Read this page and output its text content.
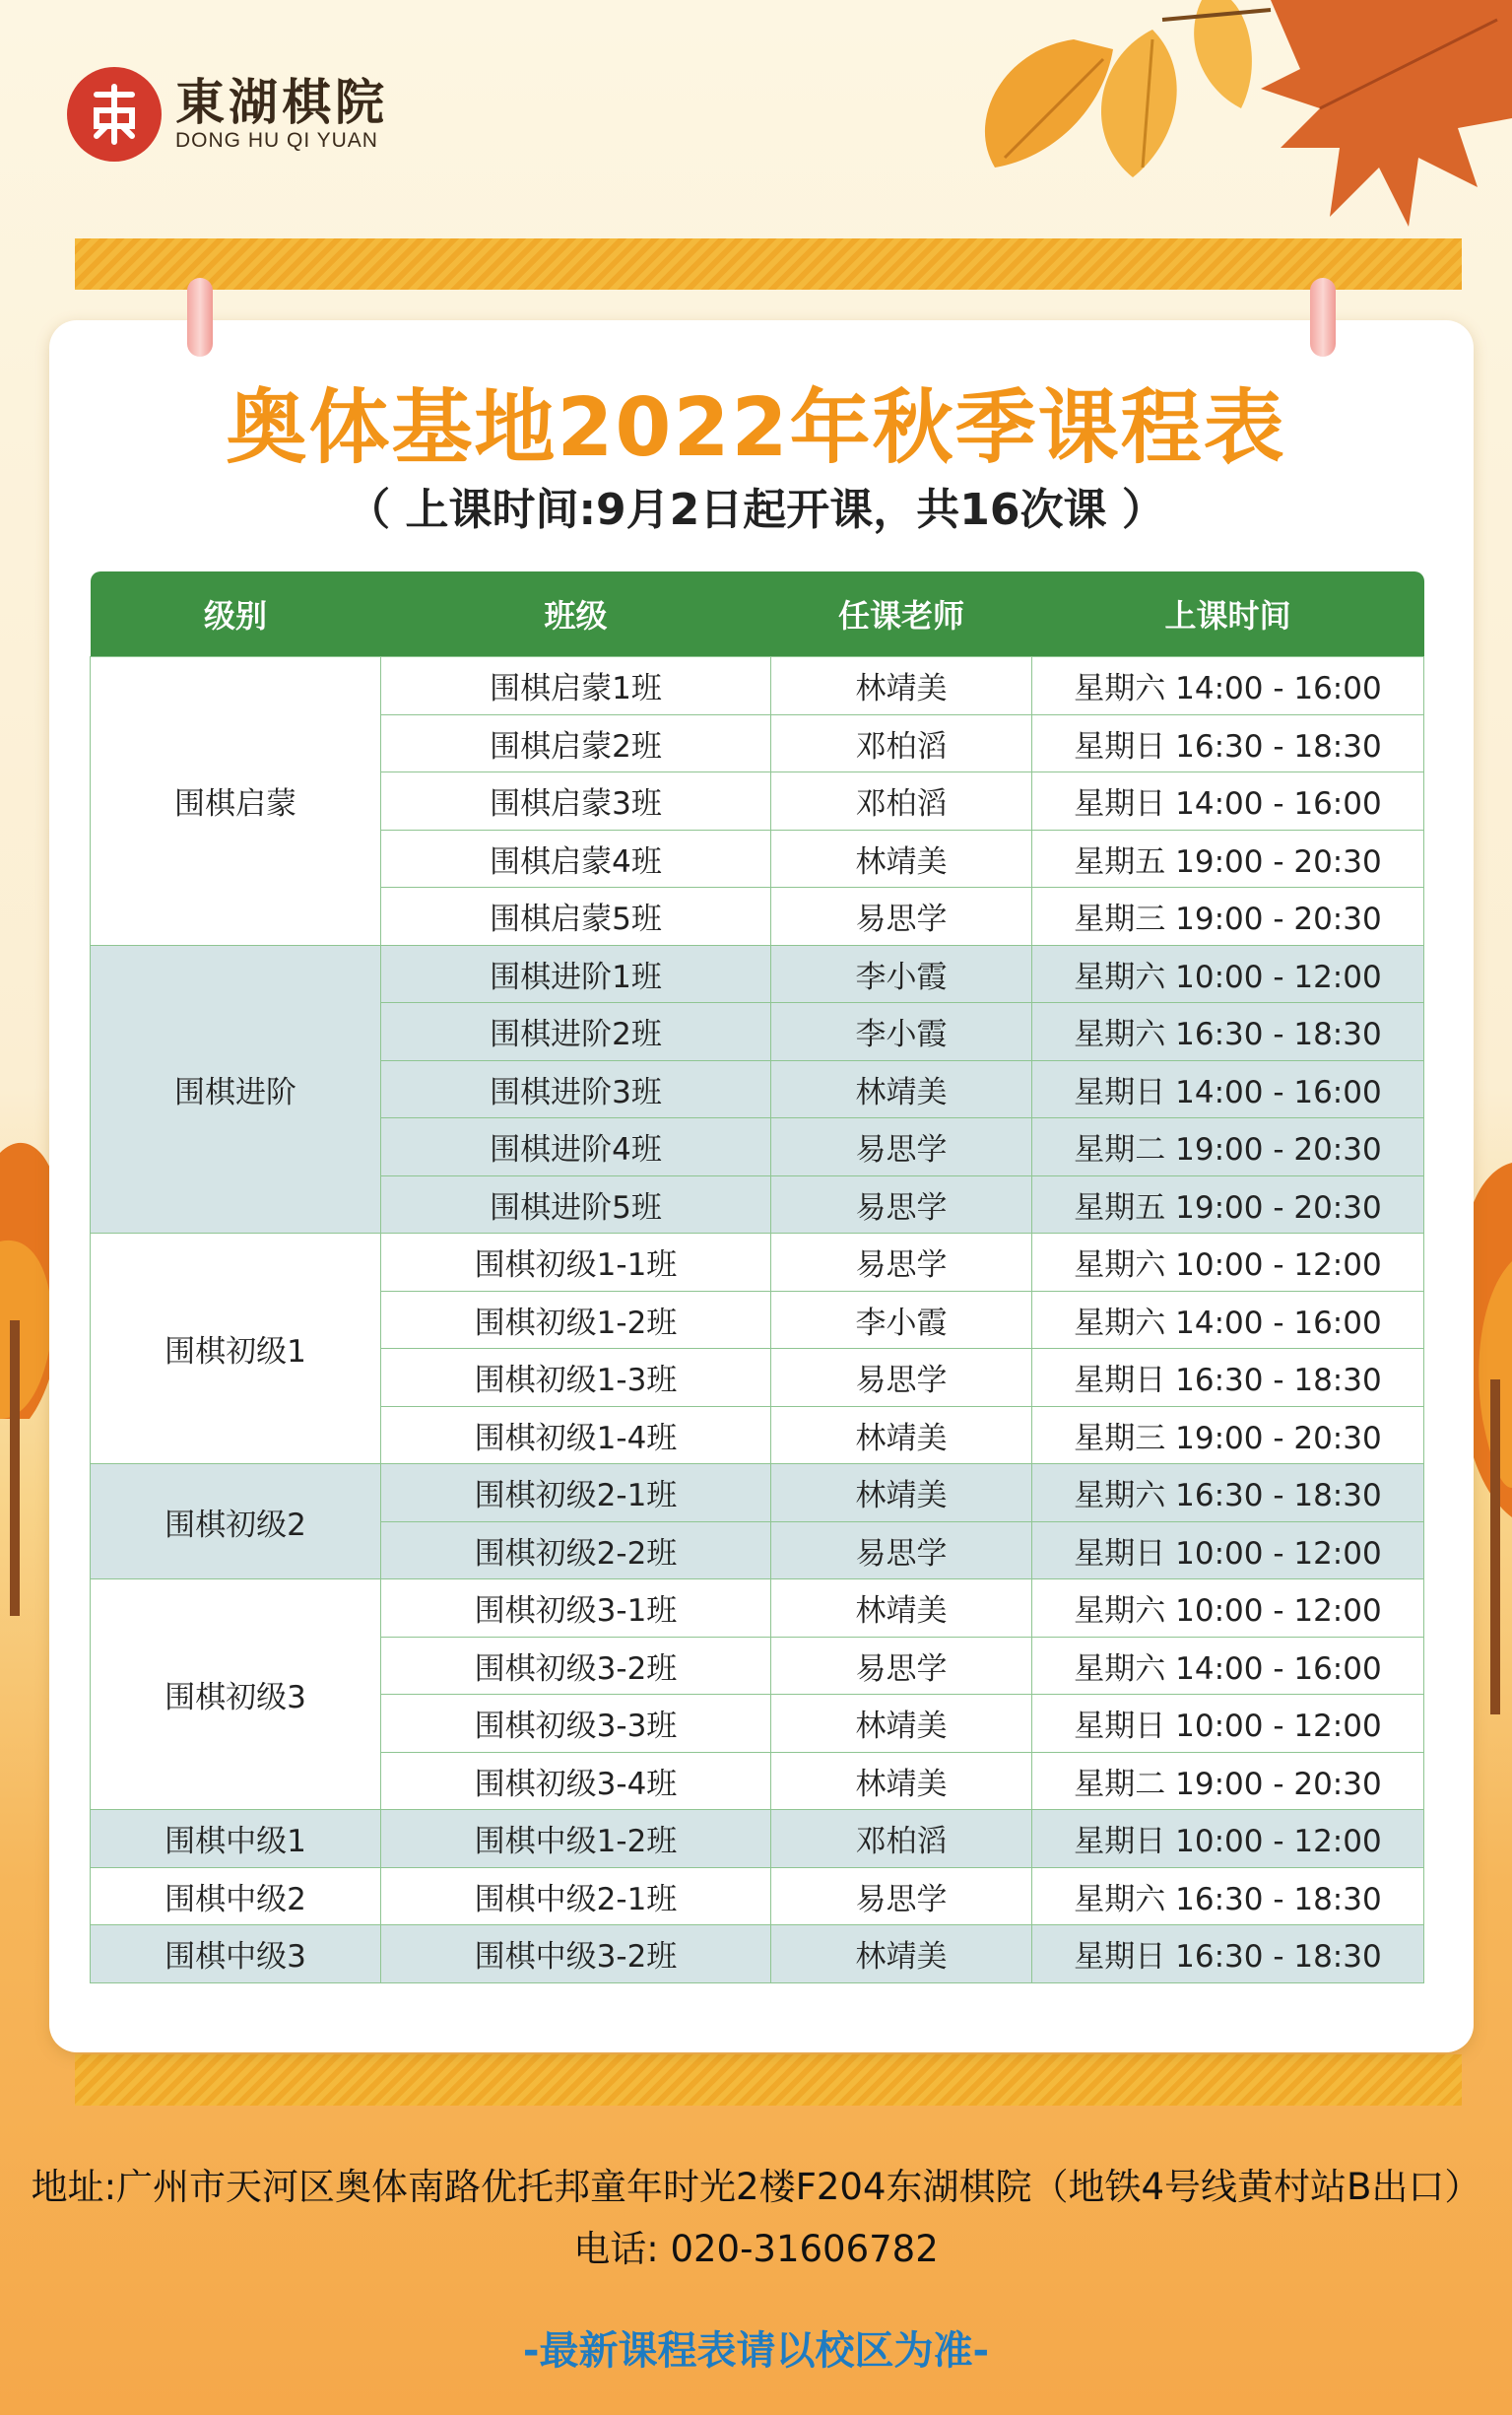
東湖棋院
DONG HU QI YUAN
奥体基地2022年秋季课程表
（ 上课时间:9月2日起开课，共16次课 ）
级别	班级	任课老师	上课时间
围棋启蒙	围棋启蒙1班	林靖美	星期六 14:00 - 16:00
	围棋启蒙2班	邓柏滔	星期日 16:30 - 18:30
	围棋启蒙3班	邓柏滔	星期日 14:00 - 16:00
	围棋启蒙4班	林靖美	星期五 19:00 - 20:30
	围棋启蒙5班	易思学	星期三 19:00 - 20:30
围棋进阶	围棋进阶1班	李小霞	星期六 10:00 - 12:00
	围棋进阶2班	李小霞	星期六 16:30 - 18:30
	围棋进阶3班	林靖美	星期日 14:00 - 16:00
	围棋进阶4班	易思学	星期二 19:00 - 20:30
	围棋进阶5班	易思学	星期五 19:00 - 20:30
围棋初级1	围棋初级1-1班	易思学	星期六 10:00 - 12:00
	围棋初级1-2班	李小霞	星期六 14:00 - 16:00
	围棋初级1-3班	易思学	星期日 16:30 - 18:30
	围棋初级1-4班	林靖美	星期三 19:00 - 20:30
围棋初级2	围棋初级2-1班	林靖美	星期六 16:30 - 18:30
	围棋初级2-2班	易思学	星期日 10:00 - 12:00
围棋初级3	围棋初级3-1班	林靖美	星期六 10:00 - 12:00
	围棋初级3-2班	易思学	星期六 14:00 - 16:00
	围棋初级3-3班	林靖美	星期日 10:00 - 12:00
	围棋初级3-4班	林靖美	星期二 19:00 - 20:30
围棋中级1	围棋中级1-2班	邓柏滔	星期日 10:00 - 12:00
围棋中级2	围棋中级2-1班	易思学	星期六 16:30 - 18:30
围棋中级3	围棋中级3-2班	林靖美	星期日 16:30 - 18:30
地址:广州市天河区奥体南路优托邦童年时光2楼F204东湖棋院（地铁4号线黄村站B出口）
电话: 020-31606782
-最新课程表请以校区为准-
